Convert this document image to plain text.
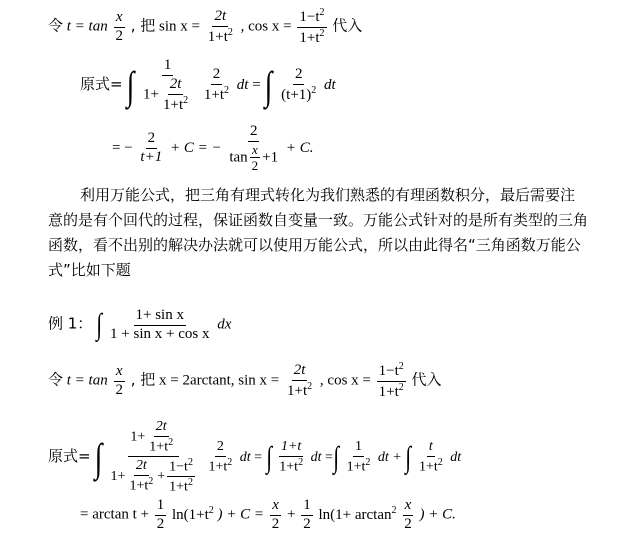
令 $t = \tan \frac{x}{2}$ , 把 $\sin x = \frac{2t}{1+t^2}$ , $\cos x = \frac{1-t^2}{1+t^2}$ 代入
原式= ∫ $\frac{1}{1+ \frac{2t}{1+t^2}}$
$\frac{2}{1+t^2}$ dt = ∫ $\frac{2}{(t+1)^2}$ dt
= − $\frac{2}{t+1} + C$ = − $\frac{2}{\tan \frac{x}{2} +1} + C$.
利用万能公式，把三角有理式转化为我们熟悉的有理函数积分，最后需要注意的是有个回代的过程，保证函数自变量一致。万能公式针对的是所有类型的三角函数，看不出别的解决办法就可以使用万能公式，所以由此得名“三角函数万能公式”比如下题
例 1： ∫ $\frac{\text{1+ sin x}}{\text{1 + sin x + cos x}}$ dx
令 $t = \tan \frac{x}{2}$ , 把 x = 2arctant, $\sin x = \frac{2t}{1+t^2}$ , $\cos x = \frac{1-t^2}{1+t^2}$ 代入
原式= ∫ $\frac{1+ \frac{2t}{1+t^2}}{1+ \frac{2t}{1+t^2} + \frac{1-t^2}{1+t^2}}$
$\frac{2}{1+t^2}$ dt = ∫ $\frac{1+t}{1+t^2}$ dt =∫ $\frac{1}{1+t^2}$ dt + ∫ $\frac{t}{1+t^2}$ dt
= $\arctan t + \frac{1}{2} \ln(1+t^2$ ) + $C = \frac{x}{2} + \frac{1}{2} \ln(1+ \arctan^2 \frac{x}{2}$ ) + C.
